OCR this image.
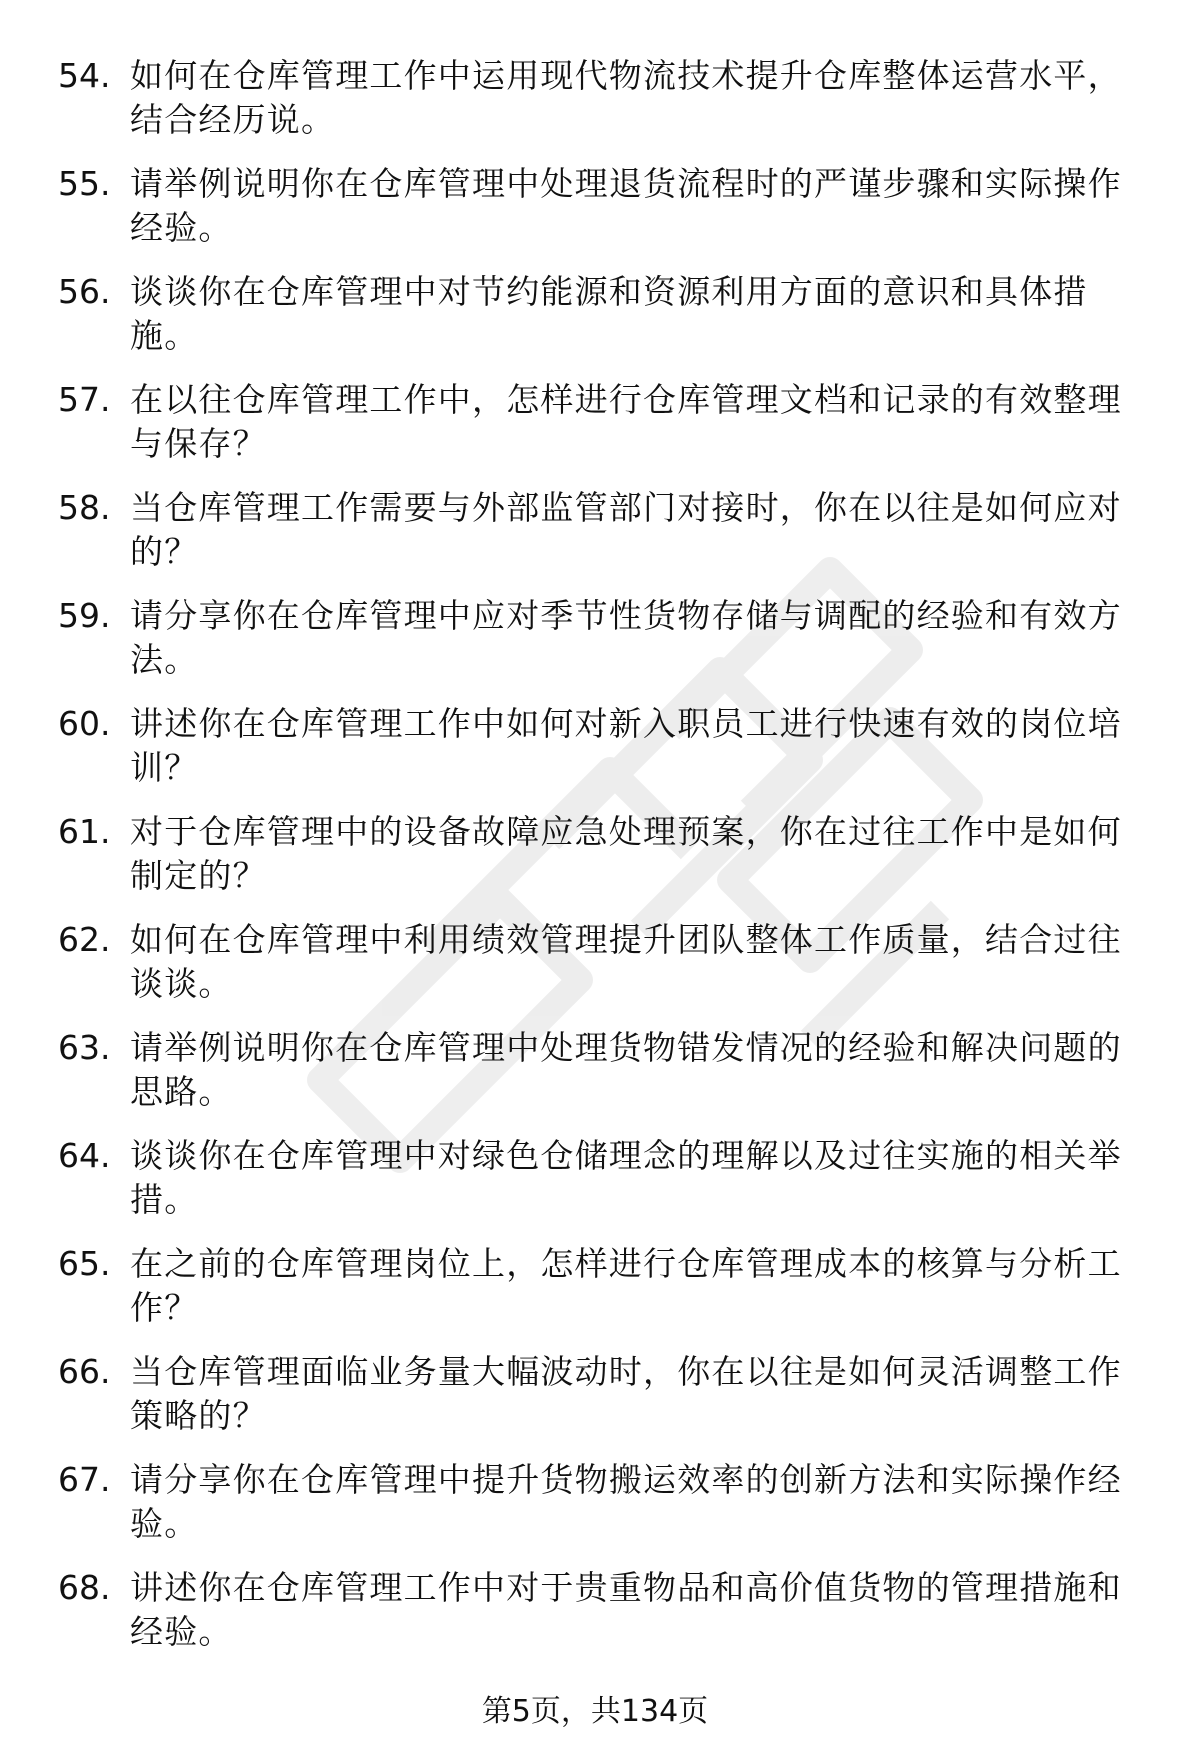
54. 如何在仓库管理工作中运用现代物流技术提升仓库整体运营水平，结合经历说。
55. 请举例说明你在仓库管理中处理退货流程时的严谨步骤和实际操作经验。
56. 谈谈你在仓库管理中对节约能源和资源利用方面的意识和具体措施。
57. 在以往仓库管理工作中，怎样进行仓库管理文档和记录的有效整理与保存？
58. 当仓库管理工作需要与外部监管部门对接时，你在以往是如何应对的？
59. 请分享你在仓库管理中应对季节性货物存储与调配的经验和有效方法。
60. 讲述你在仓库管理工作中如何对新入职员工进行快速有效的岗位培训？
61. 对于仓库管理中的设备故障应急处理预案，你在过往工作中是如何制定的？
62. 如何在仓库管理中利用绩效管理提升团队整体工作质量，结合过往谈谈。
63. 请举例说明你在仓库管理中处理货物错发情况的经验和解决问题的思路。
64. 谈谈你在仓库管理中对绿色仓储理念的理解以及过往实施的相关举措。
65. 在之前的仓库管理岗位上，怎样进行仓库管理成本的核算与分析工作？
66. 当仓库管理面临业务量大幅波动时，你在以往是如何灵活调整工作策略的？
67. 请分享你在仓库管理中提升货物搬运效率的创新方法和实际操作经验。
68. 讲述你在仓库管理工作中对于贵重物品和高价值货物的管理措施和经验。
第5页，共134页
